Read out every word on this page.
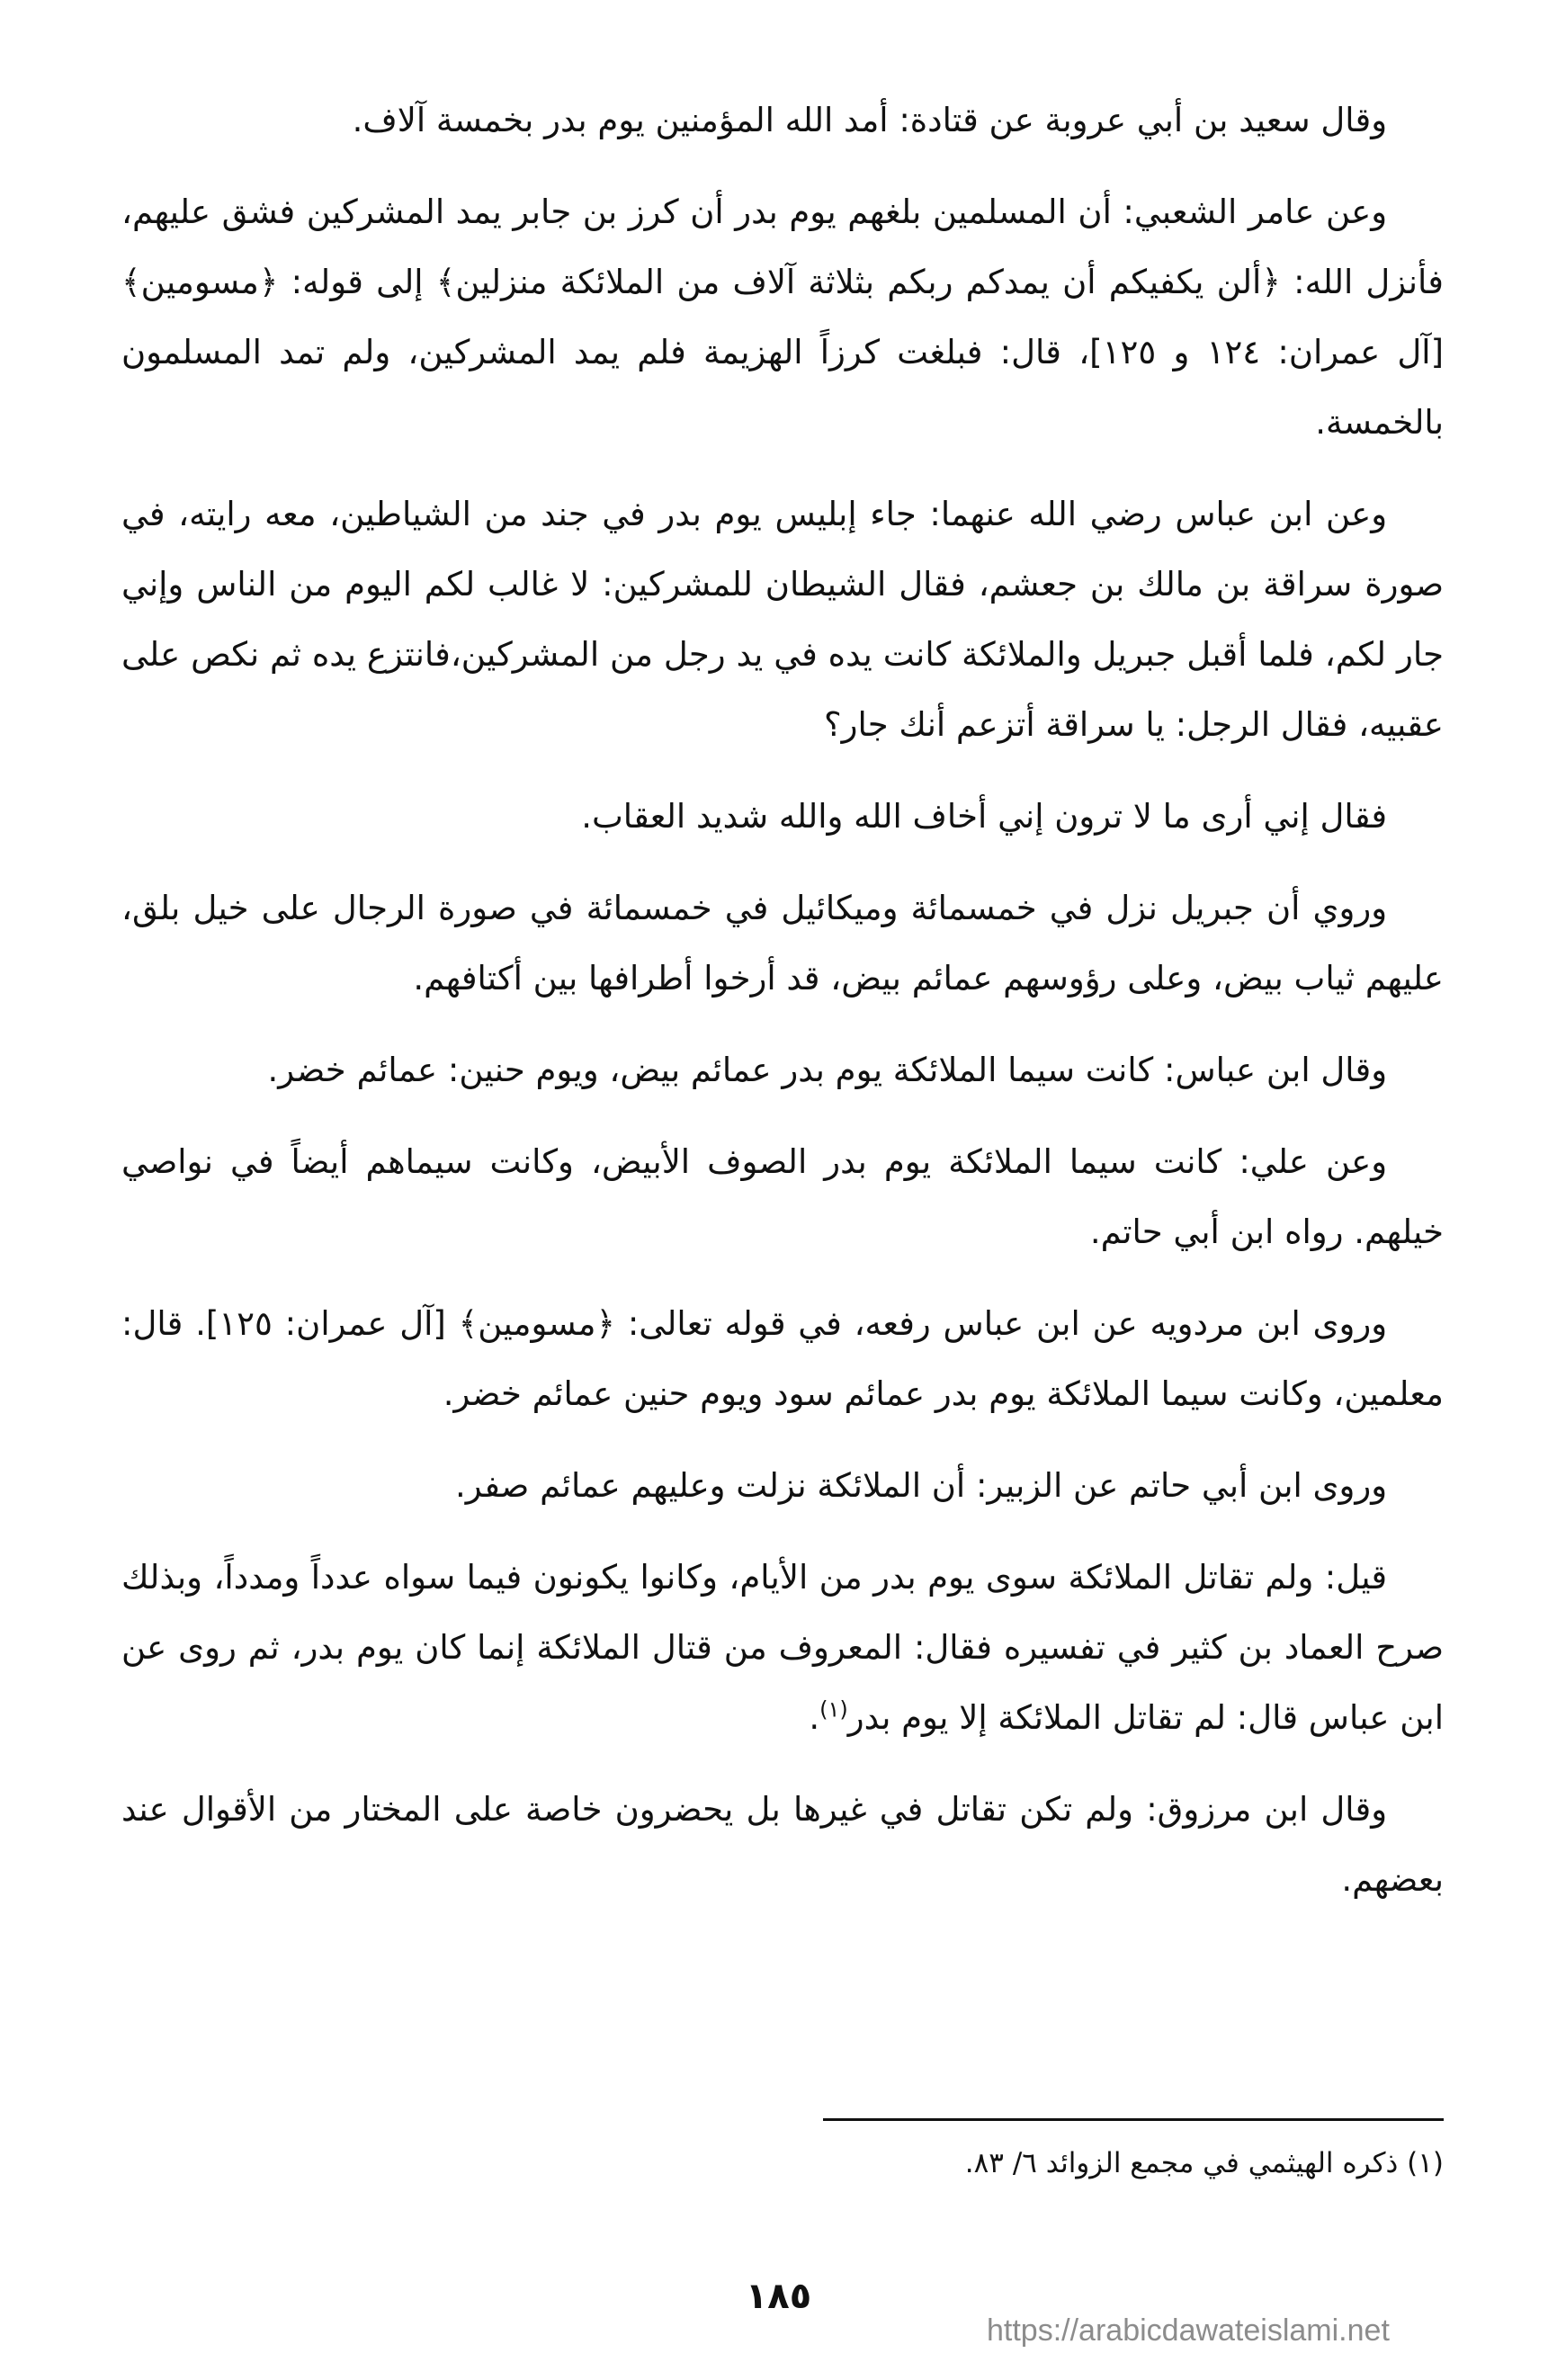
وقال سعيد بن أبي عروبة عن قتادة: أمد الله المؤمنين يوم بدر بخمسة آلاف.

وعن عامر الشعبي: أن المسلمين بلغهم يوم بدر أن كرز بن جابر يمد المشركين فشق عليهم، فأنزل الله: ﴿ألن يكفيكم أن يمدكم ربكم بثلاثة آلاف من الملائكة منزلين﴾ إلى قوله: ﴿مسومين﴾ [آل عمران: ١٢٤ و ١٢٥]، قال: فبلغت كرزاً الهزيمة فلم يمد المشركين، ولم تمد المسلمون بالخمسة.

وعن ابن عباس رضي الله عنهما: جاء إبليس يوم بدر في جند من الشياطين، معه رايته، في صورة سراقة بن مالك بن جعشم، فقال الشيطان للمشركين: لا غالب لكم اليوم من الناس وإني جار لكم، فلما أقبل جبريل والملائكة كانت يده في يد رجل من المشركين،فانتزع يده ثم نكص على عقبيه، فقال الرجل: يا سراقة أتزعم أنك جار؟

فقال إني أرى ما لا ترون إني أخاف الله والله شديد العقاب.

وروي أن جبريل نزل في خمسمائة وميكائيل في خمسمائة في صورة الرجال على خيل بلق، عليهم ثياب بيض، وعلى رؤوسهم عمائم بيض، قد أرخوا أطرافها بين أكتافهم.

وقال ابن عباس: كانت سيما الملائكة يوم بدر عمائم بيض، ويوم حنين: عمائم خضر.

وعن علي: كانت سيما الملائكة يوم بدر الصوف الأبيض، وكانت سيماهم أيضاً في نواصي خيلهم. رواه ابن أبي حاتم.

وروى ابن مردويه عن ابن عباس رفعه، في قوله تعالى: ﴿مسومين﴾ [آل عمران: ١٢٥]. قال: معلمين، وكانت سيما الملائكة يوم بدر عمائم سود ويوم حنين عمائم خضر.

وروى ابن أبي حاتم عن الزبير: أن الملائكة نزلت وعليهم عمائم صفر.

قيل: ولم تقاتل الملائكة سوى يوم بدر من الأيام، وكانوا يكونون فيما سواه عدداً ومدداً، وبذلك صرح العماد بن كثير في تفسيره فقال: المعروف من قتال الملائكة إنما كان يوم بدر، ثم روى عن ابن عباس قال: لم تقاتل الملائكة إلا يوم بدر$^{(١)}$.

وقال ابن مرزوق: ولم تكن تقاتل في غيرها بل يحضرون خاصة على المختار من الأقوال عند بعضهم.

(١) ذكره الهيثمي في مجمع الزوائد ٦/ ٨٣.
١٨٥
https://arabicdawateislami.net
